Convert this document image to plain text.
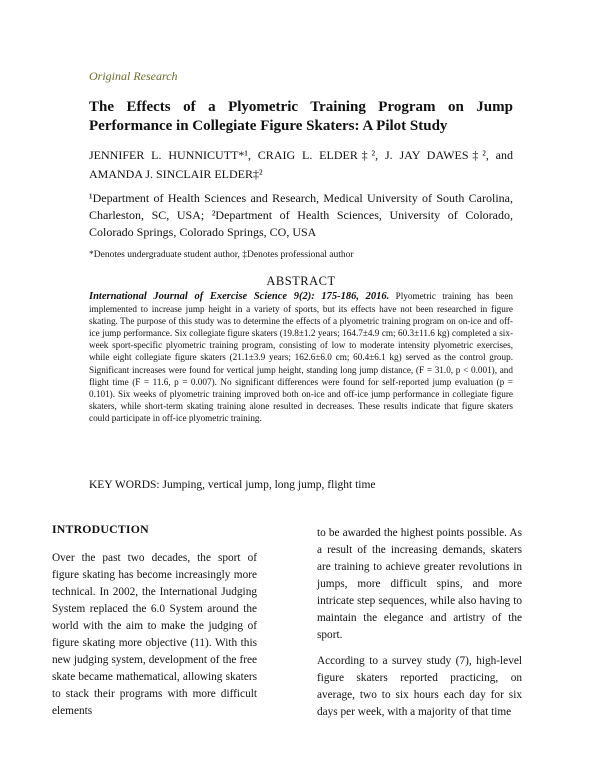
Original Research
The Effects of a Plyometric Training Program on Jump Performance in Collegiate Figure Skaters: A Pilot Study
JENNIFER L. HUNNICUTT*¹, CRAIG L. ELDER‡², J. JAY DAWES‡², and AMANDA J. SINCLAIR ELDER‡²
¹Department of Health Sciences and Research, Medical University of South Carolina, Charleston, SC, USA; ²Department of Health Sciences, University of Colorado, Colorado Springs, Colorado Springs, CO, USA
*Denotes undergraduate student author, ‡Denotes professional author
ABSTRACT
International Journal of Exercise Science 9(2): 175-186, 2016. Plyometric training has been implemented to increase jump height in a variety of sports, but its effects have not been researched in figure skating. The purpose of this study was to determine the effects of a plyometric training program on on-ice and off-ice jump performance. Six collegiate figure skaters (19.8±1.2 years; 164.7±4.9 cm; 60.3±11.6 kg) completed a six-week sport-specific plyometric training program, consisting of low to moderate intensity plyometric exercises, while eight collegiate figure skaters (21.1±3.9 years; 162.6±6.0 cm; 60.4±6.1 kg) served as the control group. Significant increases were found for vertical jump height, standing long jump distance, (F = 31.0, p < 0.001), and flight time (F = 11.6, p = 0.007). No significant differences were found for self-reported jump evaluation (p = 0.101). Six weeks of plyometric training improved both on-ice and off-ice jump performance in collegiate figure skaters, while short-term skating training alone resulted in decreases. These results indicate that figure skaters could participate in off-ice plyometric training.
KEY WORDS: Jumping, vertical jump, long jump, flight time
INTRODUCTION

Over the past two decades, the sport of figure skating has become increasingly more technical. In 2002, the International Judging System replaced the 6.0 System around the world with the aim to make the judging of figure skating more objective (11). With this new judging system, development of the free skate became mathematical, allowing skaters to stack their programs with more difficult elements

to be awarded the highest points possible. As a result of the increasing demands, skaters are training to achieve greater revolutions in jumps, more difficult spins, and more intricate step sequences, while also having to maintain the elegance and artistry of the sport.

According to a survey study (7), high-level figure skaters reported practicing, on average, two to six hours each day for six days per week, with a majority of that time
